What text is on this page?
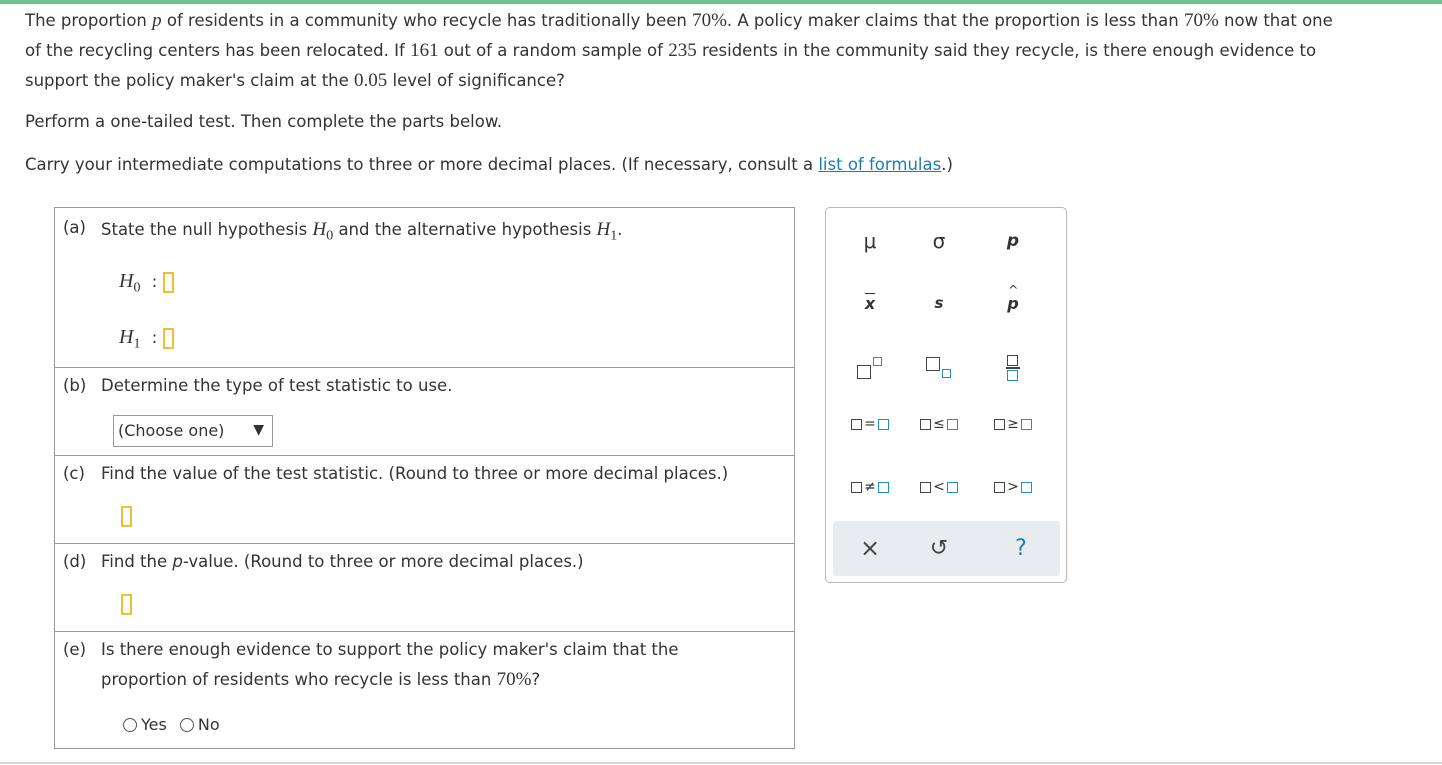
The proportion p of residents in a community who recycle has traditionally been 70%. A policy maker claims that the proportion is less than 70% now that one
of the recycling centers has been relocated. If 161 out of a random sample of 235 residents in the community said they recycle, is there enough evidence to
support the policy maker's claim at the 0.05 level of significance?
Perform a one-tailed test. Then complete the parts below.
Carry your intermediate computations to three or more decimal places. (If necessary, consult a list of formulas.)
(a) State the null hypothesis $H_0$ and the alternative hypothesis $H_1$.
$H_0$ :
$H_1$ :
(b) Determine the type of test statistic to use.
(Choose one) ▼
(c) Find the value of the test statistic. (Round to three or more decimal places.)
(d) Find the p-value. (Round to three or more decimal places.)
(e) Is there enough evidence to support the policy maker's claim that the
proportion of residents who recycle is less than 70%?
Yes No
μ	σ	p
$\overline{x}$	s
^
p
=	≤	≥
≠	<	>
× ↺	?
